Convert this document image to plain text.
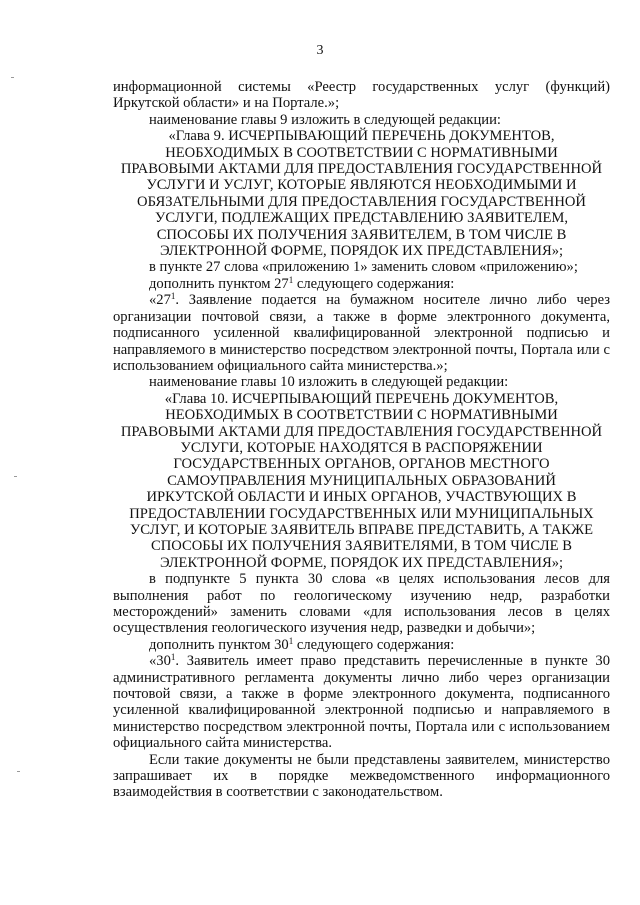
3

информационной системы «Реестр государственных услуг (функций) Иркутской области» и на Портале.»;

наименование главы 9 изложить в следующей редакции:

«Глава 9. ИСЧЕРПЫВАЮЩИЙ ПЕРЕЧЕНЬ ДОКУМЕНТОВ,
НЕОБХОДИМЫХ В СООТВЕТСТВИИ С НОРМАТИВНЫМИ
ПРАВОВЫМИ АКТАМИ ДЛЯ ПРЕДОСТАВЛЕНИЯ ГОСУДАРСТВЕННОЙ
УСЛУГИ И УСЛУГ, КОТОРЫЕ ЯВЛЯЮТСЯ НЕОБХОДИМЫМИ И
ОБЯЗАТЕЛЬНЫМИ ДЛЯ ПРЕДОСТАВЛЕНИЯ ГОСУДАРСТВЕННОЙ
УСЛУГИ, ПОДЛЕЖАЩИХ ПРЕДСТАВЛЕНИЮ ЗАЯВИТЕЛЕМ,
СПОСОБЫ ИХ ПОЛУЧЕНИЯ ЗАЯВИТЕЛЕМ, В ТОМ ЧИСЛЕ В
ЭЛЕКТРОННОЙ ФОРМЕ, ПОРЯДОК ИХ ПРЕДСТАВЛЕНИЯ»;

в пункте 27 слова «приложению 1» заменить словом «приложению»;

дополнить пунктом $27^1$ следующего содержания:

«$27^1$. Заявление подается на бумажном носителе лично либо через организации почтовой связи, а также в форме электронного документа, подписанного усиленной квалифицированной электронной подписью и направляемого в министерство посредством электронной почты, Портала или с использованием официального сайта министерства.»;

наименование главы 10 изложить в следующей редакции:

«Глава 10. ИСЧЕРПЫВАЮЩИЙ ПЕРЕЧЕНЬ ДОКУМЕНТОВ,
НЕОБХОДИМЫХ В СООТВЕТСТВИИ С НОРМАТИВНЫМИ
ПРАВОВЫМИ АКТАМИ ДЛЯ ПРЕДОСТАВЛЕНИЯ ГОСУДАРСТВЕННОЙ
УСЛУГИ, КОТОРЫЕ НАХОДЯТСЯ В РАСПОРЯЖЕНИИ
ГОСУДАРСТВЕННЫХ ОРГАНОВ, ОРГАНОВ МЕСТНОГО
САМОУПРАВЛЕНИЯ МУНИЦИПАЛЬНЫХ ОБРАЗОВАНИЙ
ИРКУТСКОЙ ОБЛАСТИ И ИНЫХ ОРГАНОВ, УЧАСТВУЮЩИХ В
ПРЕДОСТАВЛЕНИИ ГОСУДАРСТВЕННЫХ ИЛИ МУНИЦИПАЛЬНЫХ
УСЛУГ, И КОТОРЫЕ ЗАЯВИТЕЛЬ ВПРАВЕ ПРЕДСТАВИТЬ, А ТАКЖЕ
СПОСОБЫ ИХ ПОЛУЧЕНИЯ ЗАЯВИТЕЛЯМИ, В ТОМ ЧИСЛЕ В
ЭЛЕКТРОННОЙ ФОРМЕ, ПОРЯДОК ИХ ПРЕДСТАВЛЕНИЯ»;

в подпункте 5 пункта 30 слова «в целях использования лесов для выполнения работ по геологическому изучению недр, разработки месторождений» заменить словами «для использования лесов в целях осуществления геологического изучения недр, разведки и добычи»;

дополнить пунктом $30^1$ следующего содержания:

«$30^1$. Заявитель имеет право представить перечисленные в пункте 30 административного регламента документы лично либо через организации почтовой связи, а также в форме электронного документа, подписанного усиленной квалифицированной электронной подписью и направляемого в министерство посредством электронной почты, Портала или с использованием официального сайта министерства.

Если такие документы не были представлены заявителем, министерство запрашивает их в порядке межведомственного информационного взаимодействия в соответствии с законодательством.
